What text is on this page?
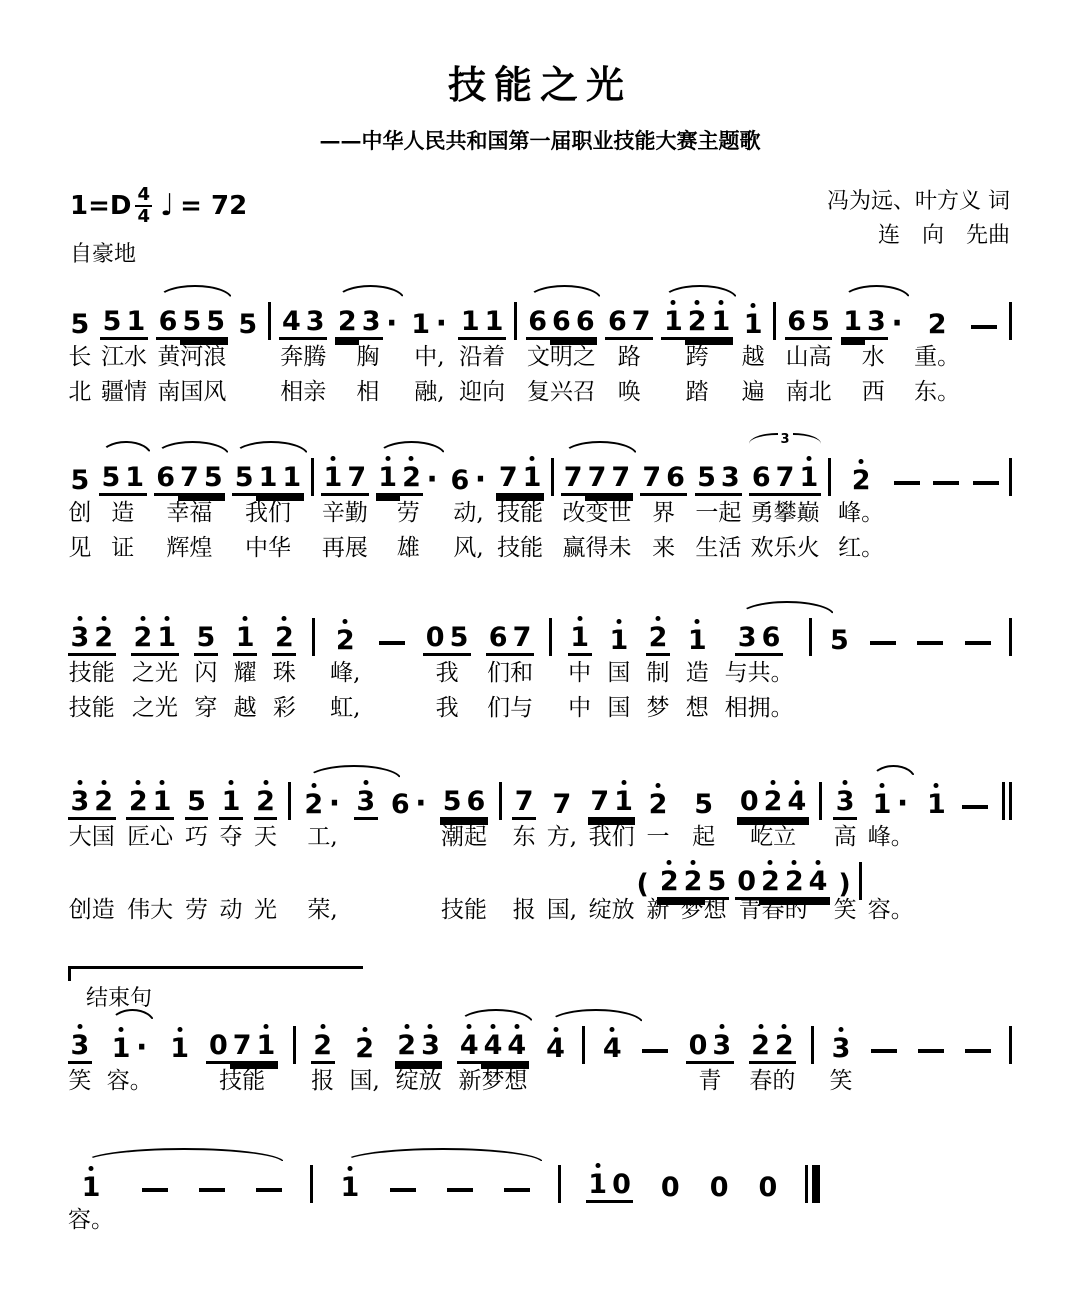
技能之光
——中华人民共和国第一届职业技能大赛主题歌
$1=D \frac{4}{4}$ ♩ = 72
自豪地
冯为远、叶方义 词
连　向　先曲
5
长
北
5 1
江水
疆情
6 5 5
黄河浪
南国风
5 4 3
奔腾
相亲
2 3 ·
胸
相
1 ·
中,
融,
1 1
沿着
迎向
6 6 6
文明之
复兴召
6 7
路
唤
1 2 1
跨
踏
1
越
遍
6 5
山高
南北
1 3 ·
水
西
2
重。
东。
5
创
见
5 1
造
证
6 7 5
幸福
辉煌
5 1 1
我们
中华
1 7
辛勤
再展
1 2 ·
劳
雄
6 ·
动,
风,
7 1
技能
技能
7 7 7
改变世
赢得未
7 6
界
来
5 3
一起
生活
6 7 1
3
勇攀巅
欢乐火
2
峰。
红。
3 2
技能
技能
2 1
之光
之光
5
闪
穿
1
耀
越
2
珠
彩
2
峰,
虹,
0 5
我
我
6 7
们和
们与
1
中
中
1
国
国
2
制
梦
1
造
想
3 6
与共。
相拥。
5
3 2
大国
创造
2 1
匠心
伟大
5
巧
劳
1
夺
动
2
天
光
2 ·
工,
荣,
3 6 · 5 6
潮起
技能
7
东
报
7
方,
国,
7 1
我们
绽放
2
一
新
5
起
梦想
0 2 4
屹立
青春的
3
高
笑
1 ·
峰。
容。
1
( 2 2 5 0 2 2 4 )
结束句
3
笑
1 ·
容。
1 0 7 1
技能
2
报
2
国,
2 3
绽放
4 4 4
新梦想
4 4 0 3
青
2 2
春的
3
笑
1
容。
1	1 0 0 0 0
